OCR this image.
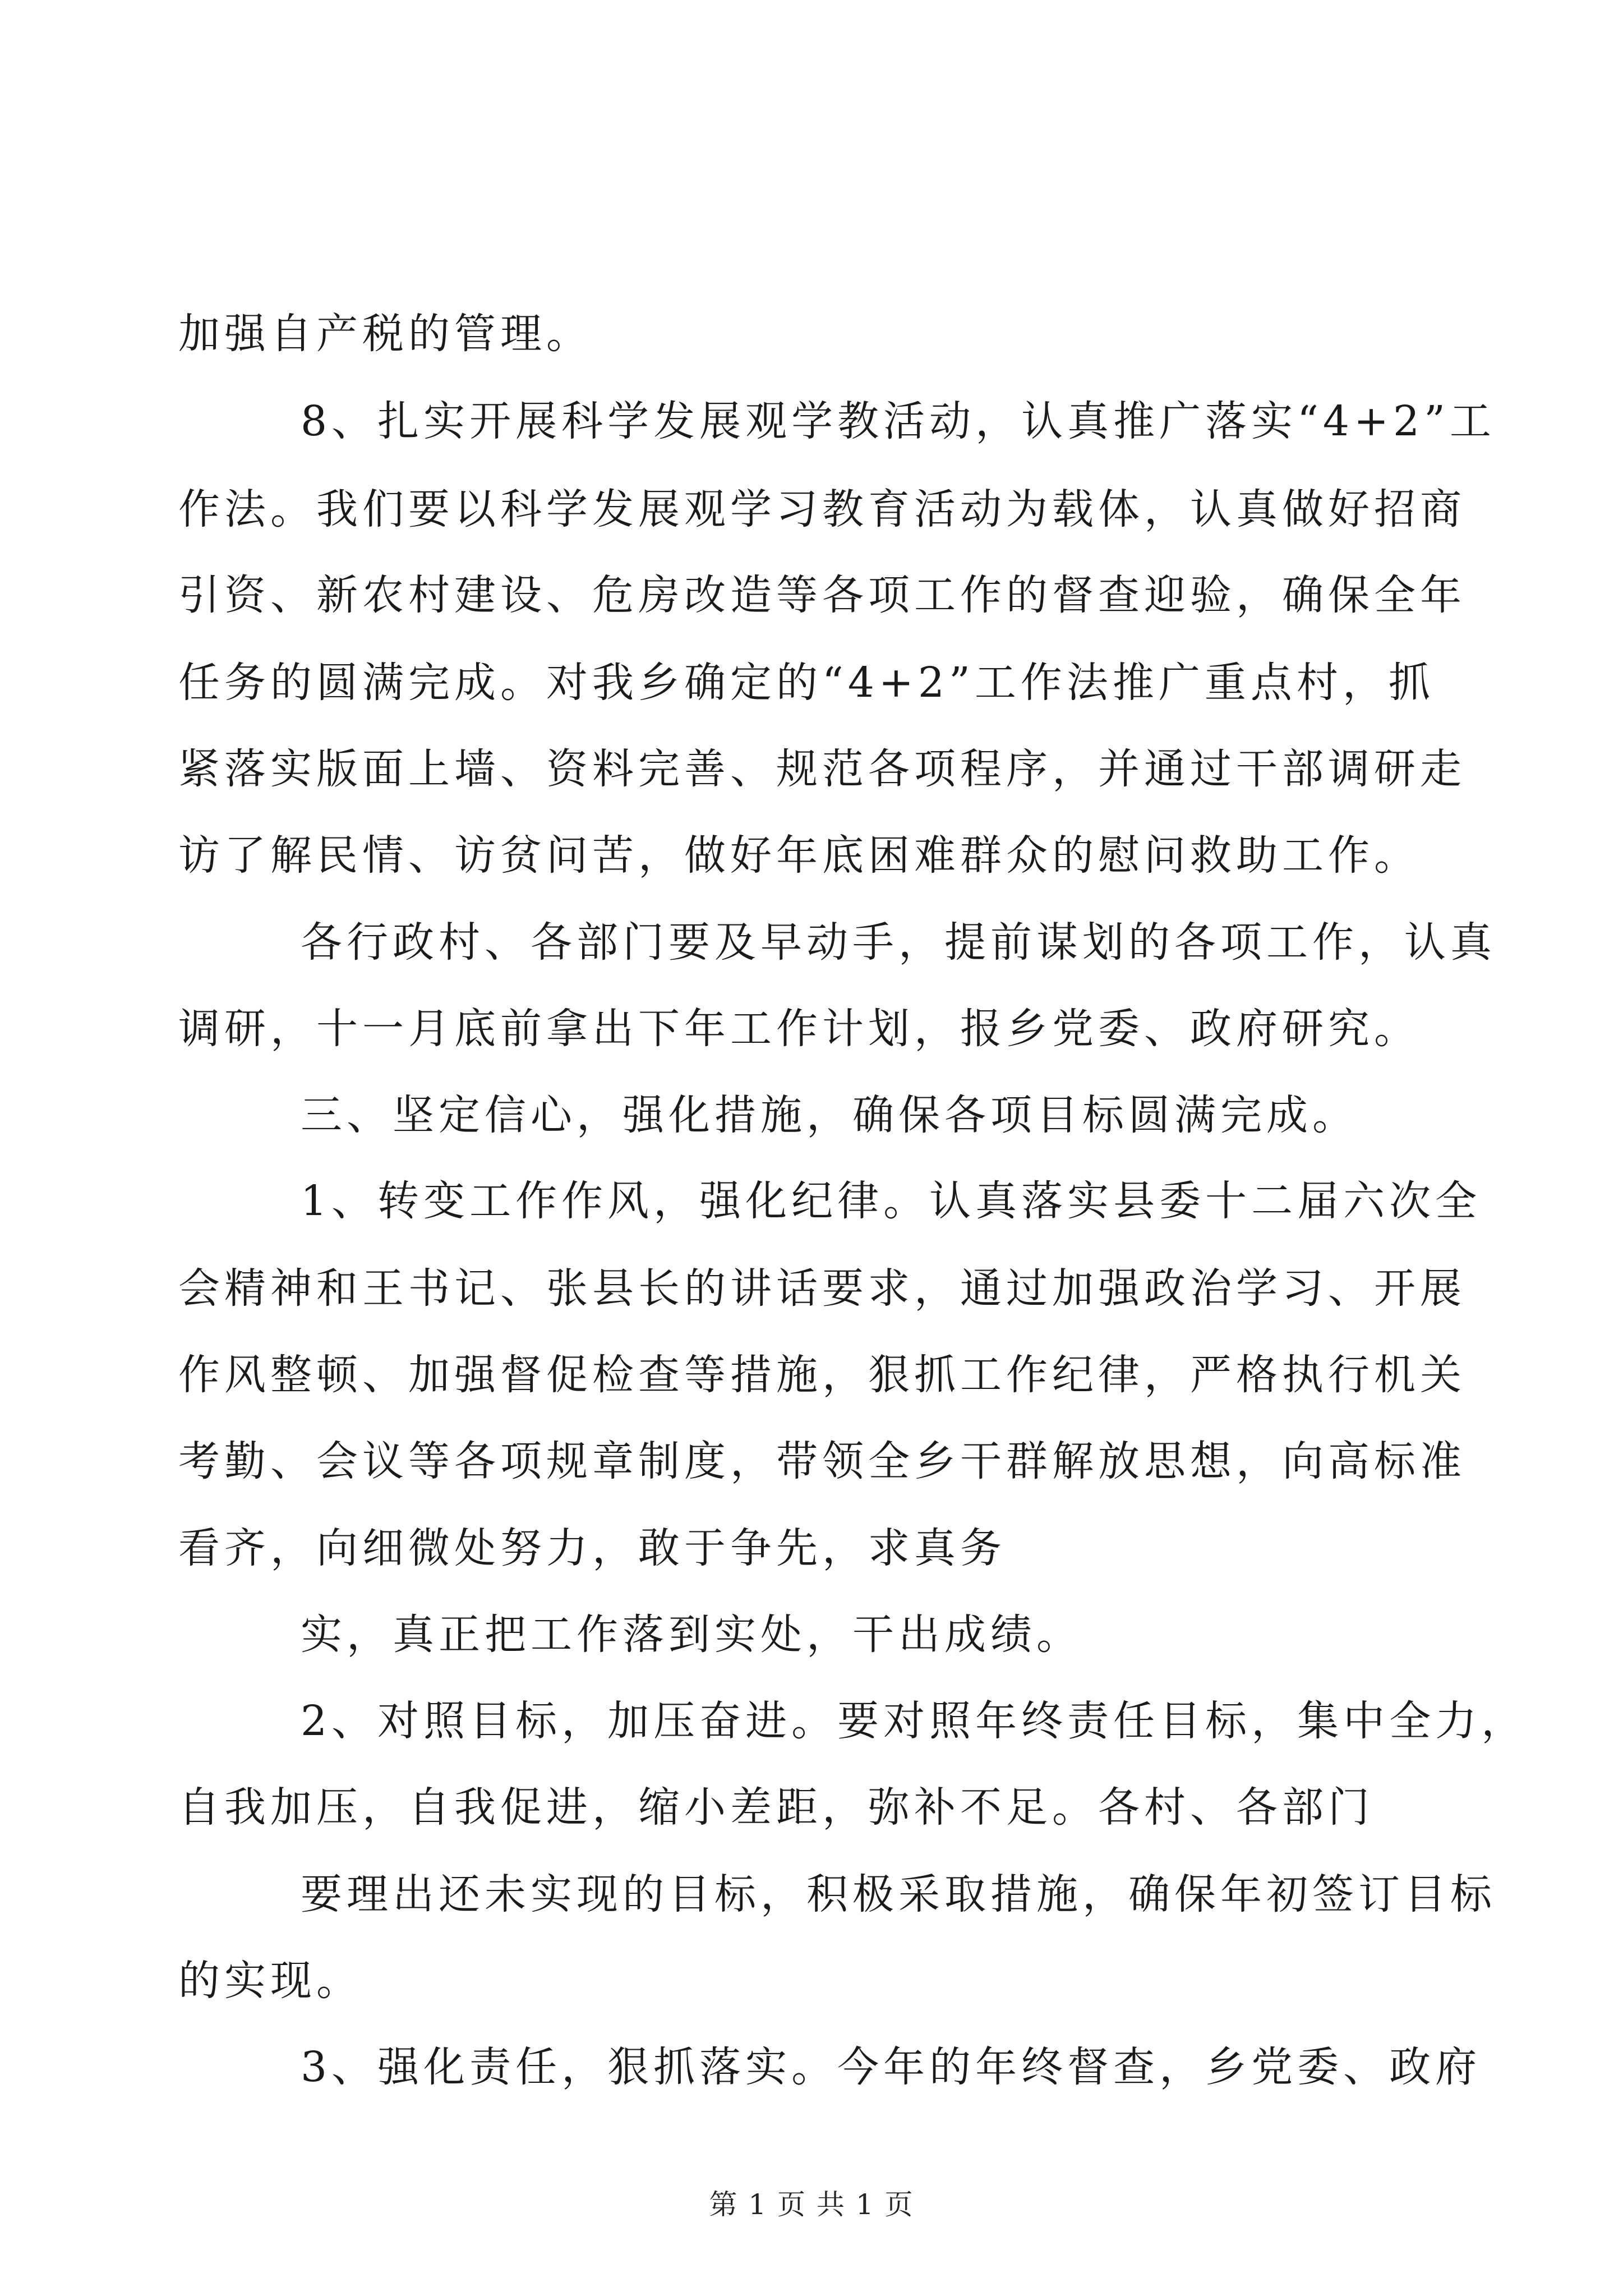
加强自产税的管理。
8、扎实开展科学发展观学教活动，认真推广落实“4+2”工
作法。我们要以科学发展观学习教育活动为载体，认真做好招商
引资、新农村建设、危房改造等各项工作的督查迎验，确保全年
任务的圆满完成。对我乡确定的“4+2”工作法推广重点村，抓
紧落实版面上墙、资料完善、规范各项程序，并通过干部调研走
访了解民情、访贫问苦，做好年底困难群众的慰问救助工作。
各行政村、各部门要及早动手，提前谋划的各项工作，认真
调研，十一月底前拿出下年工作计划，报乡党委、政府研究。
三、坚定信心，强化措施，确保各项目标圆满完成。
1、转变工作作风，强化纪律。认真落实县委十二届六次全
会精神和王书记、张县长的讲话要求，通过加强政治学习、开展
作风整顿、加强督促检查等措施，狠抓工作纪律，严格执行机关
考勤、会议等各项规章制度，带领全乡干群解放思想，向高标准
看齐，向细微处努力，敢于争先，求真务
实，真正把工作落到实处，干出成绩。
2、对照目标，加压奋进。要对照年终责任目标，集中全力，
自我加压，自我促进，缩小差距，弥补不足。各村、各部门
要理出还未实现的目标，积极采取措施，确保年初签订目标
的实现。
3、强化责任，狠抓落实。今年的年终督查，乡党委、政府
第 1 页 共 1 页
